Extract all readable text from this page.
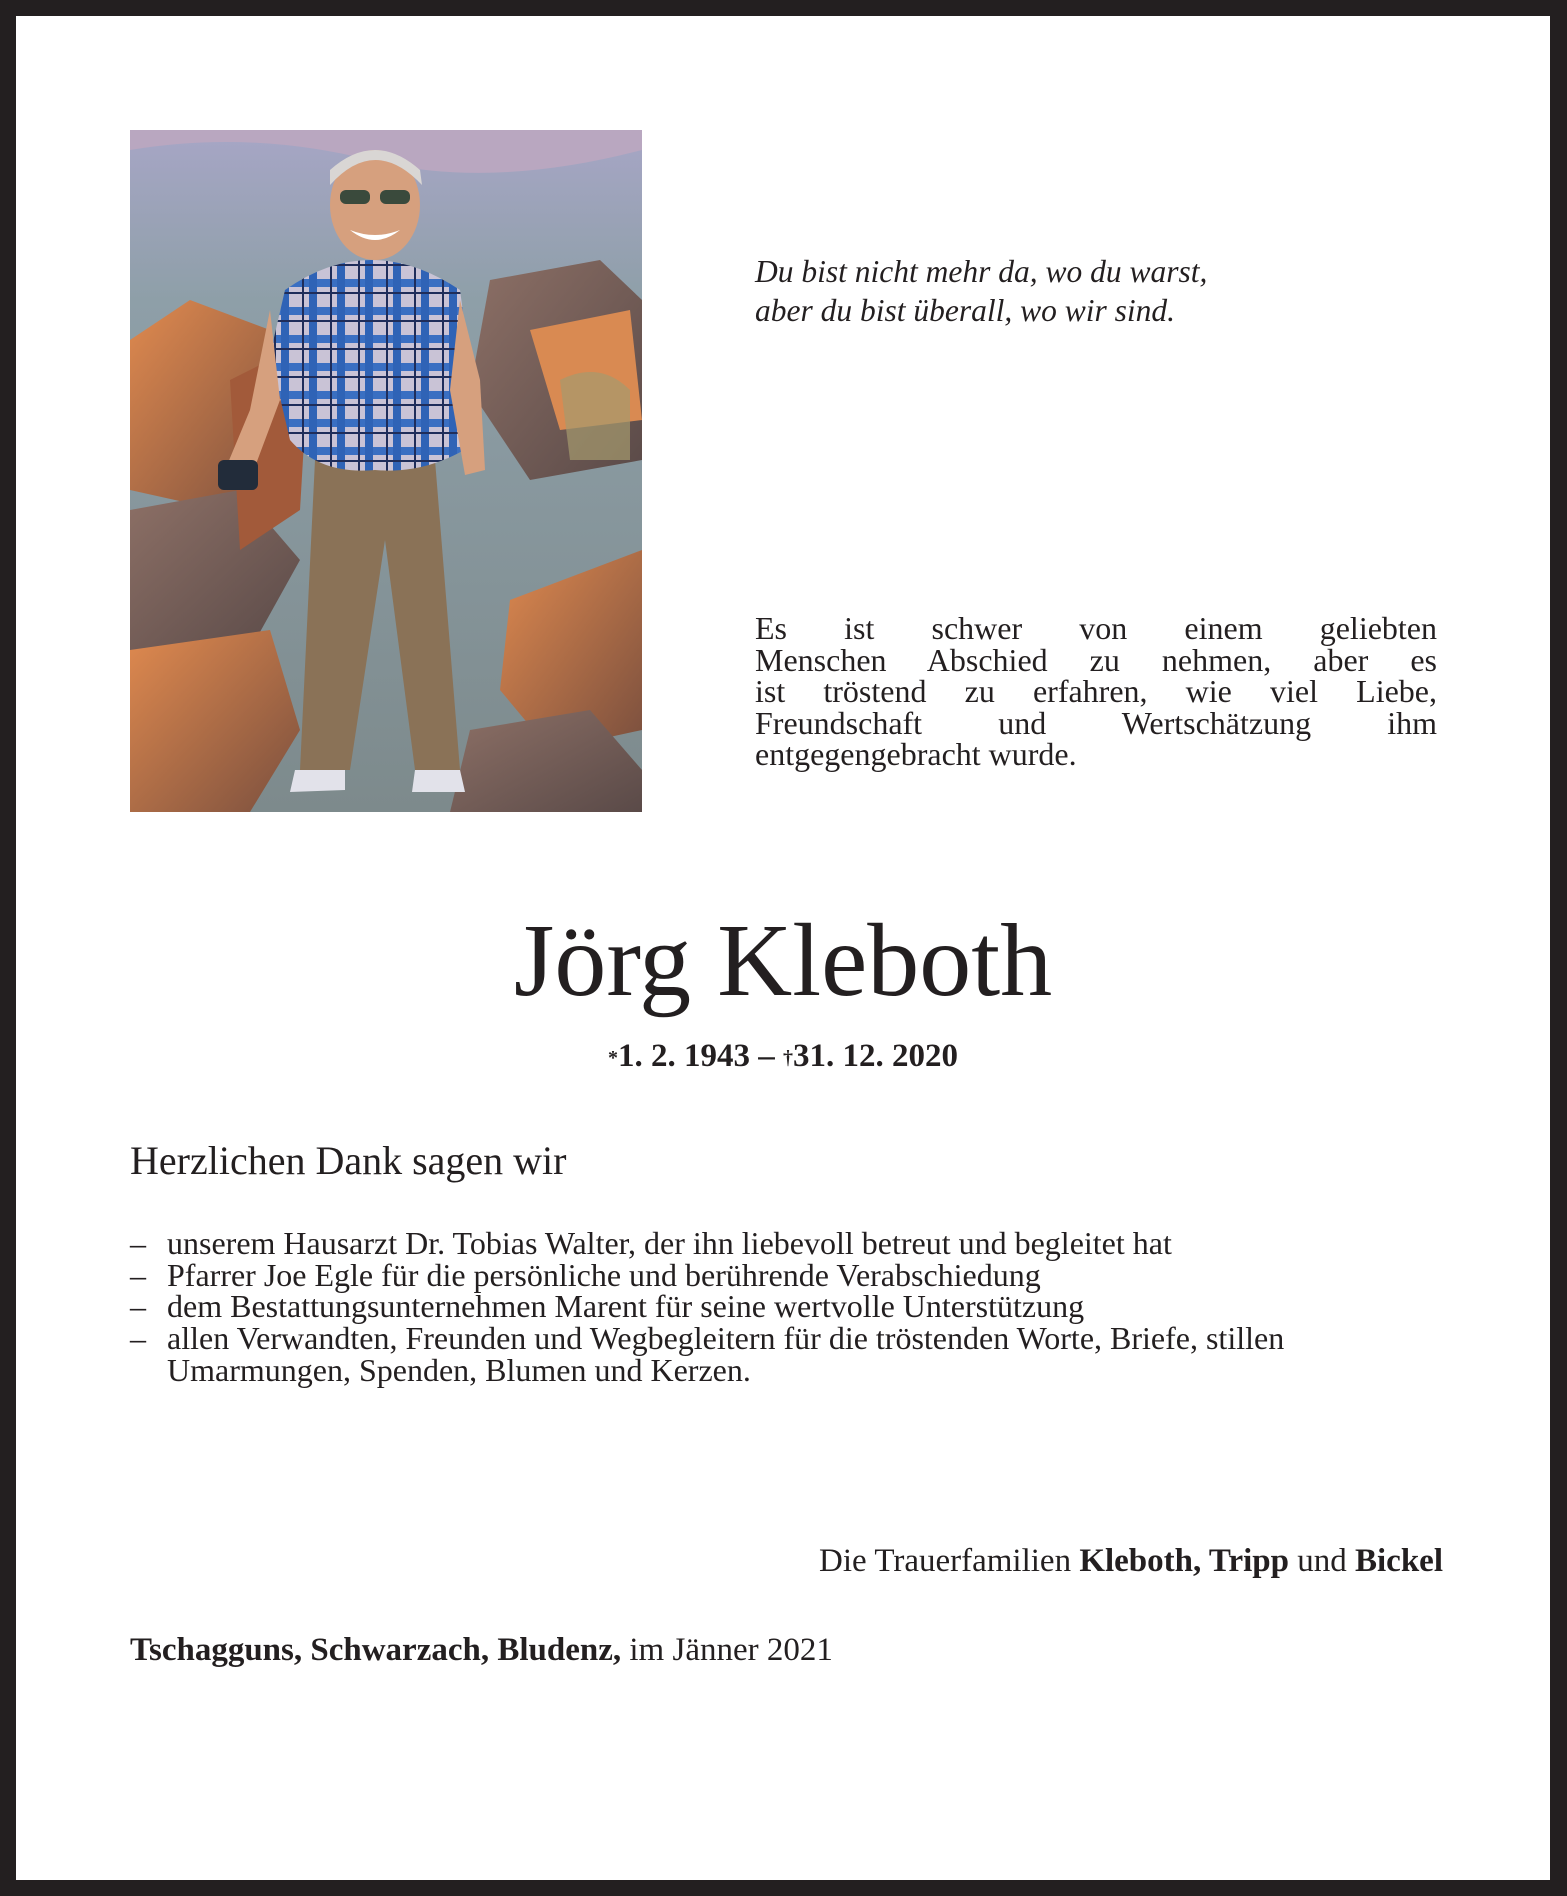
Du bist nicht mehr da, wo du warst,
aber du bist überall, wo wir sind.
Es ist schwer von einem geliebten
Menschen Abschied zu nehmen, aber es
ist tröstend zu erfahren, wie viel Liebe,
Freundschaft und Wertschätzung ihm
entgegengebracht wurde.
Jörg Kleboth
*1. 2. 1943 – †31. 12. 2020
Herzlichen Dank sagen wir
– unserem Hausarzt Dr. Tobias Walter, der ihn liebevoll betreut und begleitet hat
– Pfarrer Joe Egle für die persönliche und berührende Verabschiedung
– dem Bestattungsunternehmen Marent für seine wertvolle Unterstützung
– allen Verwandten, Freunden und Wegbegleitern für die tröstenden Worte, Briefe, stillen Umarmungen, Spenden, Blumen und Kerzen.
Die Trauerfamilien Kleboth, Tripp und Bickel
Tschagguns, Schwarzach, Bludenz, im Jänner 2021
